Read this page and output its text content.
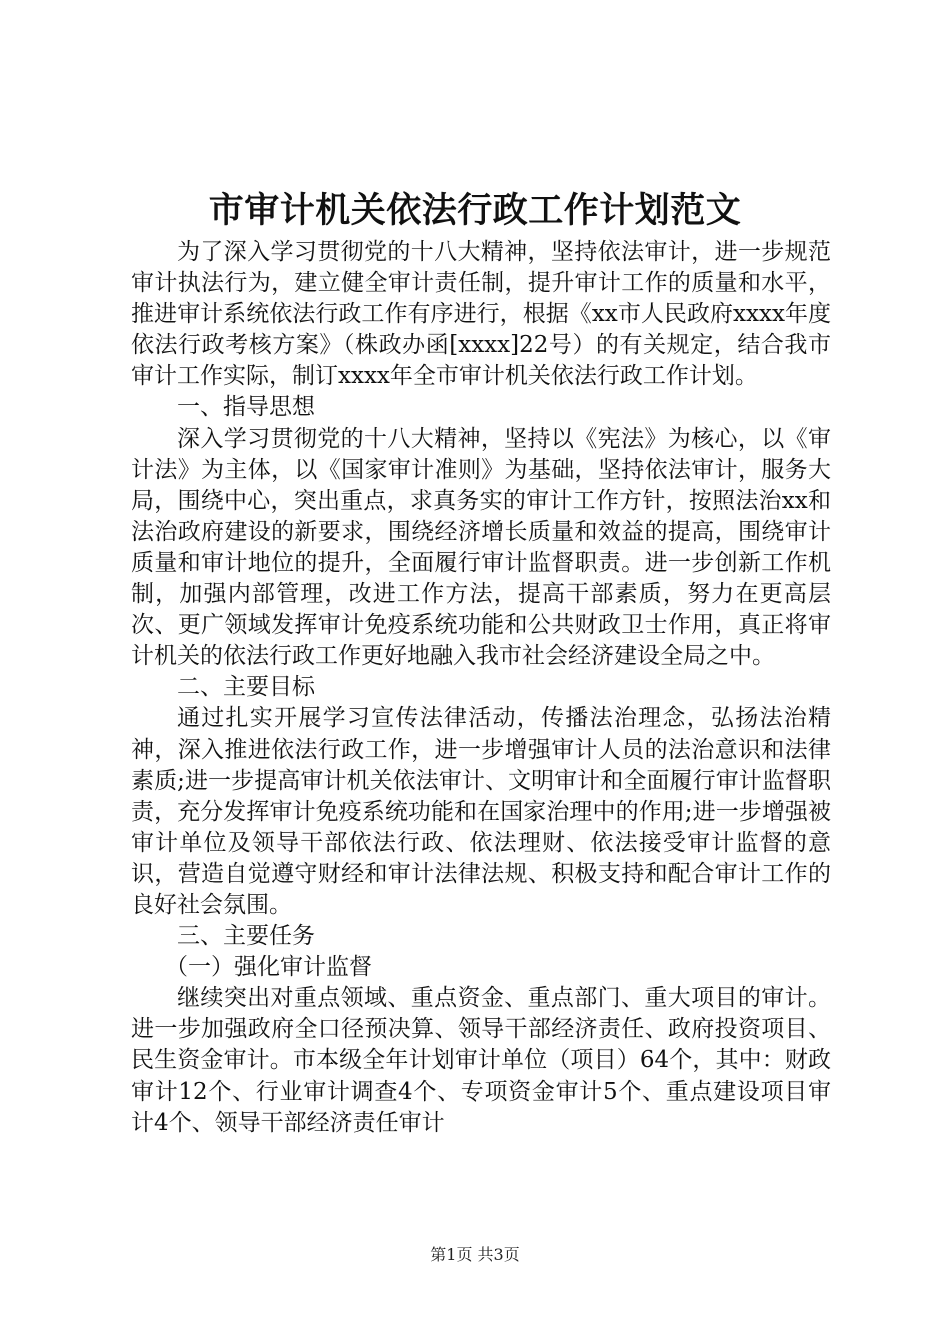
市审计机关依法行政工作计划范文

为了深入学习贯彻党的十八大精神，坚持依法审计，进一步规范审计执法行为，建立健全审计责任制，提升审计工作的质量和水平，推进审计系统依法行政工作有序进行，根据《xx市人民政府xxxx年度依法行政考核方案》（株政办函[xxxx]22号）的有关规定，结合我市审计工作实际，制订xxxx年全市审计机关依法行政工作计划。

一、指导思想

深入学习贯彻党的十八大精神，坚持以《宪法》为核心，以《审计法》为主体，以《国家审计准则》为基础，坚持依法审计，服务大局，围绕中心，突出重点，求真务实的审计工作方针，按照法治xx和法治政府建设的新要求，围绕经济增长质量和效益的提高，围绕审计质量和审计地位的提升，全面履行审计监督职责。进一步创新工作机制，加强内部管理，改进工作方法，提高干部素质，努力在更高层次、更广领域发挥审计免疫系统功能和公共财政卫士作用，真正将审计机关的依法行政工作更好地融入我市社会经济建设全局之中。

二、主要目标

通过扎实开展学习宣传法律活动，传播法治理念，弘扬法治精神，深入推进依法行政工作，进一步增强审计人员的法治意识和法律素质;进一步提高审计机关依法审计、文明审计和全面履行审计监督职责，充分发挥审计免疫系统功能和在国家治理中的作用;进一步增强被审计单位及领导干部依法行政、依法理财、依法接受审计监督的意识，营造自觉遵守财经和审计法律法规、积极支持和配合审计工作的良好社会氛围。

三、主要任务

（一）强化审计监督

继续突出对重点领域、重点资金、重点部门、重大项目的审计。进一步加强政府全口径预决算、领导干部经济责任、政府投资项目、民生资金审计。市本级全年计划审计单位（项目）64个，其中：财政审计12个、行业审计调查4个、专项资金审计5个、重点建设项目审计4个、领导干部经济责任审计

第1页 共3页
